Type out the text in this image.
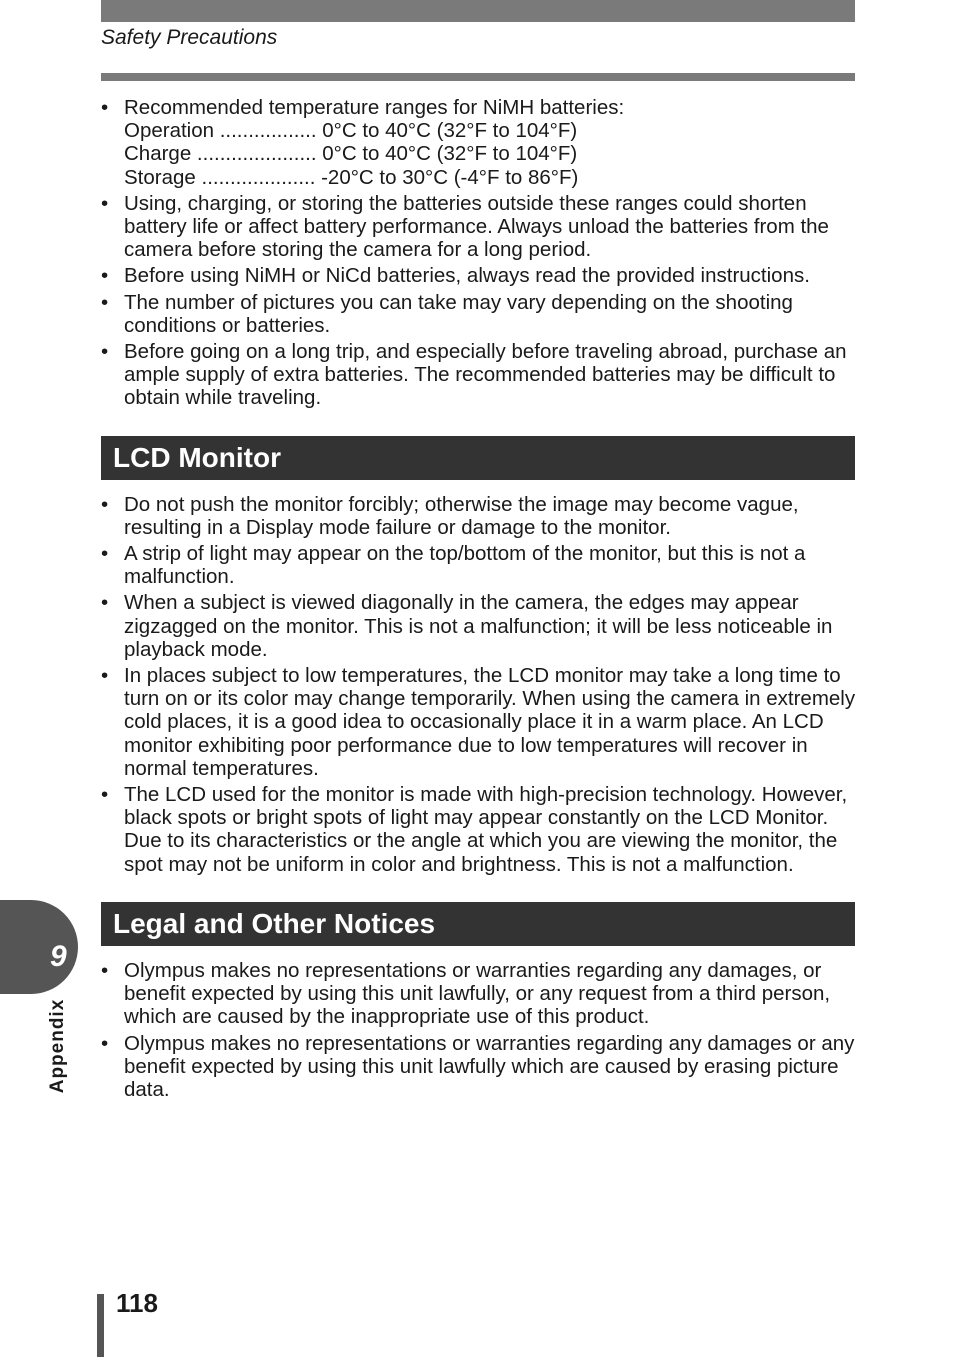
Safety Precautions
• Recommended temperature ranges for NiMH batteries:
Operation ................. 0°C to 40°C (32°F to 104°F)
Charge ..................... 0°C to 40°C (32°F to 104°F)
Storage .................... -20°C to 30°C (-4°F to 86°F)
• Using, charging, or storing the batteries outside these ranges could shorten battery life or affect battery performance. Always unload the batteries from the camera before storing the camera for a long period.
• Before using NiMH or NiCd batteries, always read the provided instructions.
• The number of pictures you can take may vary depending on the shooting conditions or batteries.
• Before going on a long trip, and especially before traveling abroad, purchase an ample supply of extra batteries. The recommended batteries may be difficult to obtain while traveling.
LCD Monitor
• Do not push the monitor forcibly; otherwise the image may become vague, resulting in a Display mode failure or damage to the monitor.
• A strip of light may appear on the top/bottom of the monitor, but this is not a malfunction.
• When a subject is viewed diagonally in the camera, the edges may appear zigzagged on the monitor. This is not a malfunction; it will be less noticeable in playback mode.
• In places subject to low temperatures, the LCD monitor may take a long time to turn on or its color may change temporarily. When using the camera in extremely cold places, it is a good idea to occasionally place it in a warm place. An LCD monitor exhibiting poor performance due to low temperatures will recover in normal temperatures.
• The LCD used for the monitor is made with high-precision technology. However, black spots or bright spots of light may appear constantly on the LCD Monitor. Due to its characteristics or the angle at which you are viewing the monitor, the spot may not be uniform in color and brightness. This is not a malfunction.
Legal and Other Notices
• Olympus makes no representations or warranties regarding any damages, or benefit expected by using this unit lawfully, or any request from a third person, which are caused by the inappropriate use of this product.
• Olympus makes no representations or warranties regarding any damages or any benefit expected by using this unit lawfully which are caused by erasing picture data.
9
Appendix
118
